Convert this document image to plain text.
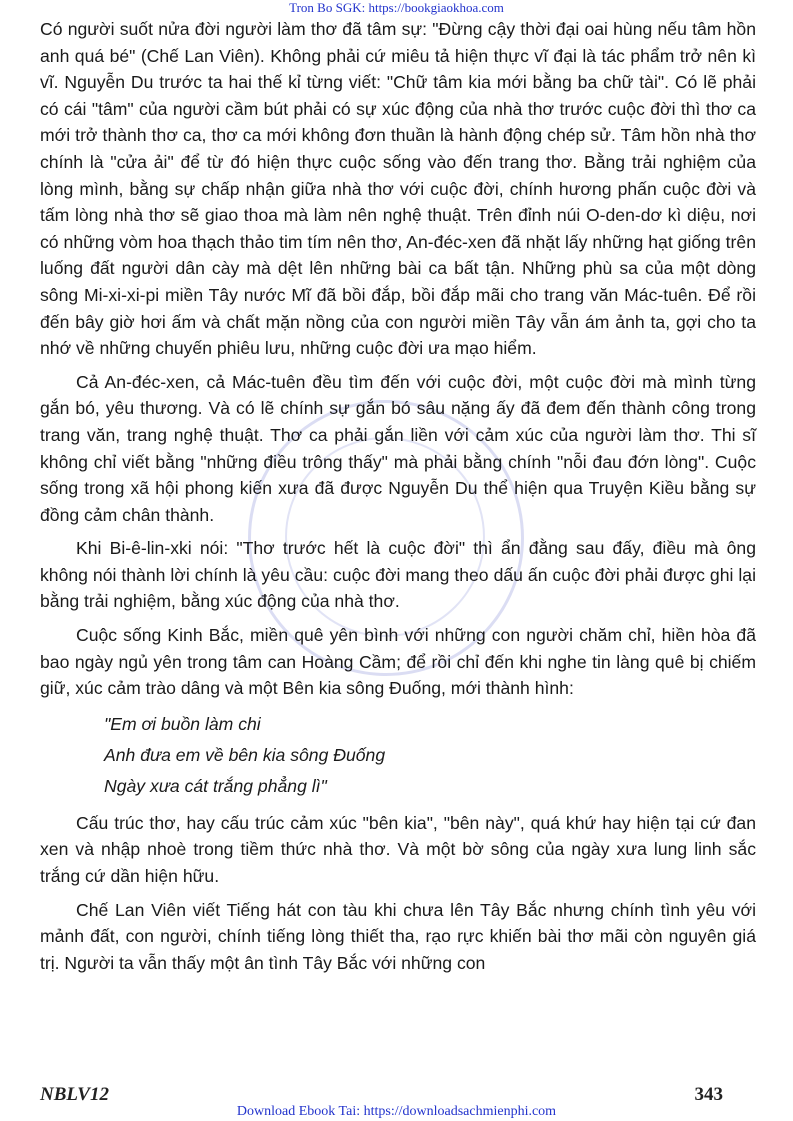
Tron Bo SGK: https://bookgiaokhoa.com

Có người suốt nửa đời người làm thơ đã tâm sự: "Đừng cậy thời đại oai hùng nếu tâm hồn anh quá bé" (Chế Lan Viên). Không phải cứ miêu tả hiện thực vĩ đại là tác phẩm trở nên kì vĩ. Nguyễn Du trước ta hai thế kỉ từng viết: "Chữ tâm kia mới bằng ba chữ tài". Có lẽ phải có cái "tâm" của người cầm bút phải có sự xúc động của nhà thơ trước cuộc đời thì thơ ca mới trở thành thơ ca, thơ ca mới không đơn thuần là hành động chép sử. Tâm hồn nhà thơ chính là "cửa ải" để từ đó hiện thực cuộc sống vào đến trang thơ. Bằng trải nghiệm của lòng mình, bằng sự chấp nhận giữa nhà thơ với cuộc đời, chính hương phấn cuộc đời và tấm lòng nhà thơ sẽ giao thoa mà làm nên nghệ thuật. Trên đỉnh núi O-den-dơ kì diệu, nơi có những vòm hoa thạch thảo tim tím nên thơ, An-đéc-xen đã nhặt lấy những hạt giống trên luống đất người dân cày mà dệt lên những bài ca bất tận. Những phù sa của một dòng sông Mi-xi-xi-pi miền Tây nước Mĩ đã bồi đắp, bồi đắp mãi cho trang văn Mác-tuên. Để rồi đến bây giờ hơi ấm và chất mặn nồng của con người miền Tây vẫn ám ảnh ta, gợi cho ta nhớ về những chuyến phiêu lưu, những cuộc đời ưa mạo hiểm.

Cả An-đéc-xen, cả Mác-tuên đều tìm đến với cuộc đời, một cuộc đời mà mình từng gắn bó, yêu thương. Và có lẽ chính sự gắn bó sâu nặng ấy đã đem đến thành công trong trang văn, trang nghệ thuật. Thơ ca phải gắn liền với cảm xúc của người làm thơ. Thi sĩ không chỉ viết bằng "những điều trông thấy" mà phải bằng chính "nỗi đau đớn lòng". Cuộc sống trong xã hội phong kiến xưa đã được Nguyễn Du thể hiện qua Truyện Kiều bằng sự đồng cảm chân thành.

Khi Bi-ê-lin-xki nói: "Thơ trước hết là cuộc đời" thì ẩn đằng sau đấy, điều mà ông không nói thành lời chính là yêu cầu: cuộc đời mang theo dấu ấn cuộc đời phải được ghi lại bằng trải nghiệm, bằng xúc động của nhà thơ.

Cuộc sống Kinh Bắc, miền quê yên bình với những con người chăm chỉ, hiền hòa đã bao ngày ngủ yên trong tâm can Hoàng Cầm; để rồi chỉ đến khi nghe tin làng quê bị chiếm giữ, xúc cảm trào dâng và một Bên kia sông Đuống, mới thành hình:

"Em ơi buồn làm chi
Anh đưa em về bên kia sông Đuống
Ngày xưa cát trắng phẳng lì"

Cấu trúc thơ, hay cấu trúc cảm xúc "bên kia", "bên này", quá khứ hay hiện tại cứ đan xen và nhập nhoè trong tiềm thức nhà thơ. Và một bờ sông của ngày xưa lung linh sắc trắng cứ dần hiện hữu.

Chế Lan Viên viết Tiếng hát con tàu khi chưa lên Tây Bắc nhưng chính tình yêu với mảnh đất, con người, chính tiếng lòng thiết tha, rạo rực khiến bài thơ mãi còn nguyên giá trị. Người ta vẫn thấy một ân tình Tây Bắc với những con

NBLV12	343
Download Ebook Tai: https://downloadsachmienphi.com
